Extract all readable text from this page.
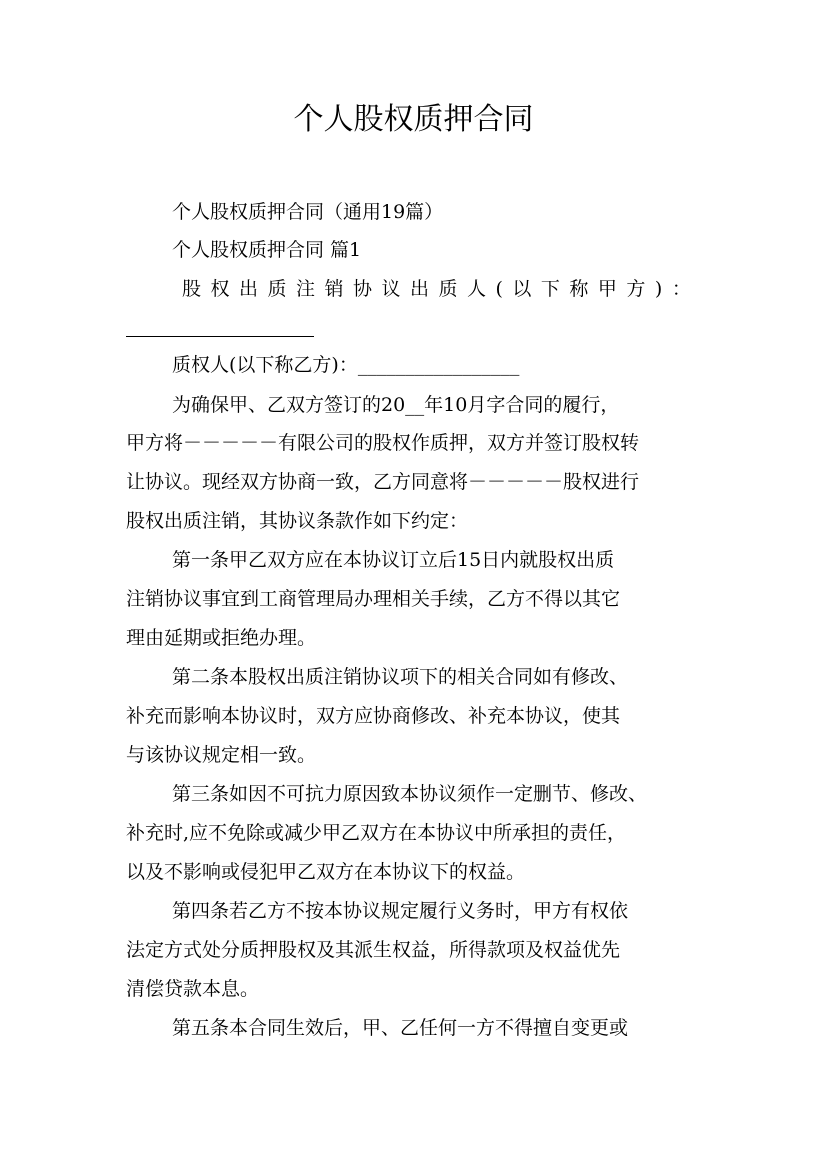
个人股权质押合同
个人股权质押合同（通用19篇）
个人股权质押合同 篇1
股权出质注销协议出质人(以下称甲方)：
质权人(以下称乙方)：_________________
为确保甲、乙双方签订的20__年10月字合同的履行，
甲方将－－－－－有限公司的股权作质押，双方并签订股权转
让协议。现经双方协商一致，乙方同意将－－－－－股权进行
股权出质注销，其协议条款作如下约定：
第一条甲乙双方应在本协议订立后15日内就股权出质
注销协议事宜到工商管理局办理相关手续，乙方不得以其它
理由延期或拒绝办理。
第二条本股权出质注销协议项下的相关合同如有修改、
补充而影响本协议时，双方应协商修改、补充本协议，使其
与该协议规定相一致。
第三条如因不可抗力原因致本协议须作一定删节、修改、
补充时,应不免除或减少甲乙双方在本协议中所承担的责任，
以及不影响或侵犯甲乙双方在本协议下的权益。
第四条若乙方不按本协议规定履行义务时，甲方有权依
法定方式处分质押股权及其派生权益，所得款项及权益优先
清偿贷款本息。
第五条本合同生效后，甲、乙任何一方不得擅自变更或
